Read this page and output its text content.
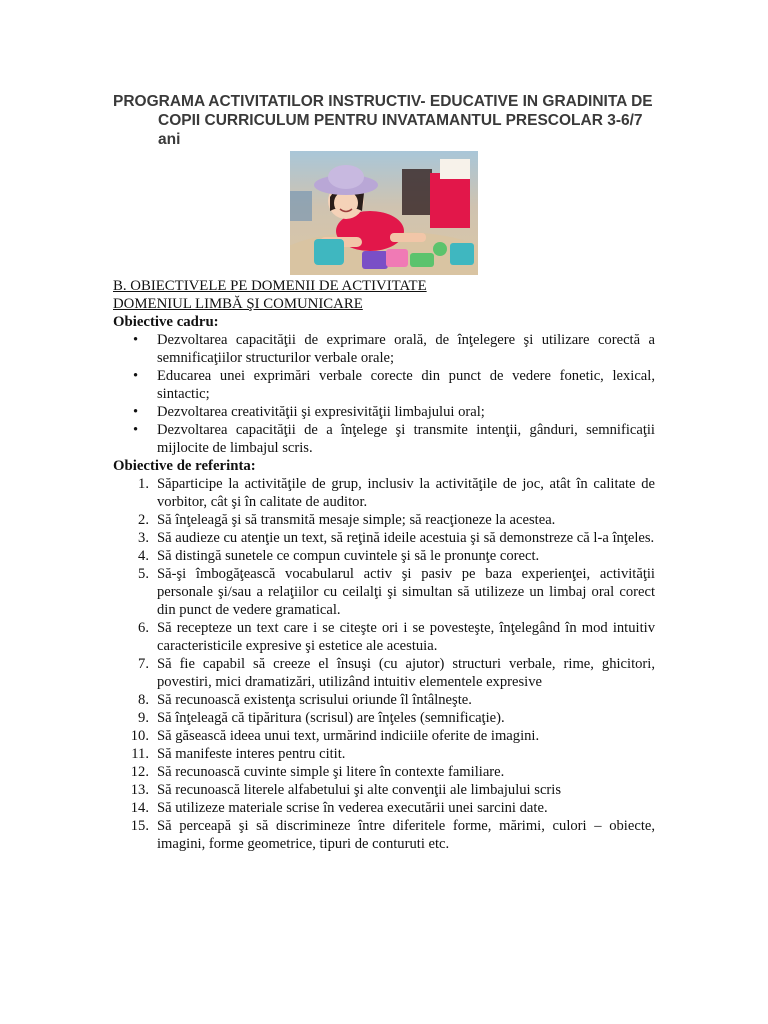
PROGRAMA ACTIVITATILOR INSTRUCTIV- EDUCATIVE IN GRADINITA DE COPII CURRICULUM PENTRU INVATAMANTUL PRESCOLAR 3-6/7 ani

B. OBIECTIVELE PE DOMENII DE ACTIVITATE

DOMENIUL LIMBĂ ŞI COMUNICARE

Obiective cadru:

• Dezvoltarea capacităţii de exprimare orală, de înţelegere şi utilizare corectă a semnificaţiilor structurilor verbale orale;
• Educarea unei exprimări verbale corecte din punct de vedere fonetic, lexical, sintactic;
• Dezvoltarea creativităţii şi expresivităţii limbajului oral;
• Dezvoltarea capacităţii de a înţelege şi transmite intenţii, gânduri, semnificaţii mijlocite de limbajul scris.

Obiective de referinta:

1. Săparticipe la activităţile de grup, inclusiv la activităţile de joc, atât în calitate de vorbitor, cât şi în calitate de auditor.
2. Să înţeleagă şi să transmită mesaje simple; să reacţioneze la acestea.
3. Să audieze cu atenţie un text, să reţină ideile acestuia şi să demonstreze că l-a înţeles.
4. Să distingă sunetele ce compun cuvintele şi să le pronunţe corect.
5. Să-şi îmbogăţească vocabularul activ şi pasiv pe baza experienţei, activităţii personale şi/sau a relaţiilor cu ceilalţi şi simultan să utilizeze un limbaj oral corect din punct de vedere gramatical.
6. Să recepteze un text care i se citeşte ori i se povesteşte, înţelegând în mod intuitiv caracteristicile expresive şi estetice ale acestuia.
7. Să fie capabil să creeze el însuşi (cu ajutor) structuri verbale, rime, ghicitori, povestiri, mici dramatizări, utilizând intuitiv elementele expresive
8. Să recunoască existenţa scrisului oriunde îl întâlneşte.
9. Să înţeleagă că tipăritura (scrisul) are înţeles (semnificaţie).
10. Să găsească ideea unui text, urmărind indiciile oferite de imagini.
11. Să manifeste interes pentru citit.
12. Să recunoască cuvinte simple şi litere în contexte familiare.
13. Să recunoască literele alfabetului şi alte convenţii ale limbajului scris
14. Să utilizeze materiale scrise în vederea executării unei sarcini date.
15. Să perceapă şi să discrimineze între diferitele forme, mărimi, culori – obiecte, imagini, forme geometrice, tipuri de conturuti etc.
